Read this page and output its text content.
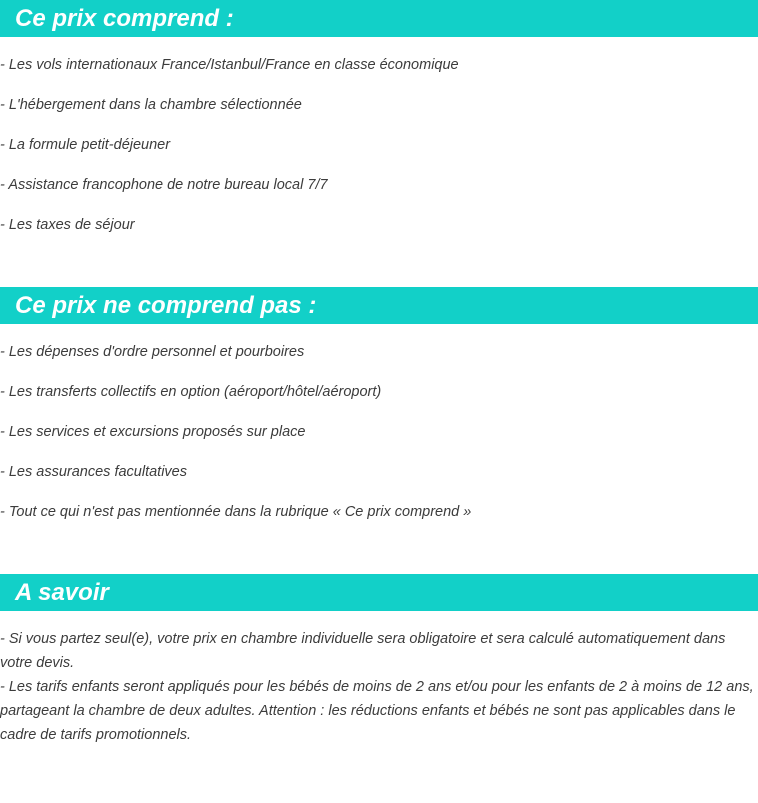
Ce prix comprend :
- Les vols internationaux France/Istanbul/France en classe économique
- L'hébergement dans la chambre sélectionnée
- La formule petit-déjeuner
- Assistance francophone de notre bureau local 7/7
- Les taxes de séjour
Ce prix ne comprend pas :
- Les dépenses d'ordre personnel et pourboires
- Les transferts collectifs en option (aéroport/hôtel/aéroport)
- Les services et excursions proposés sur place
- Les assurances facultatives
- Tout ce qui n'est pas mentionnée dans la rubrique « Ce prix comprend »
A savoir
- Si vous partez seul(e), votre prix en chambre individuelle sera obligatoire et sera calculé automatiquement dans votre devis.
- Les tarifs enfants seront appliqués pour les bébés de moins de 2 ans et/ou pour les enfants de 2 à moins de 12 ans, partageant la chambre de deux adultes. Attention : les réductions enfants et bébés ne sont pas applicables dans le cadre de tarifs promotionnels.
